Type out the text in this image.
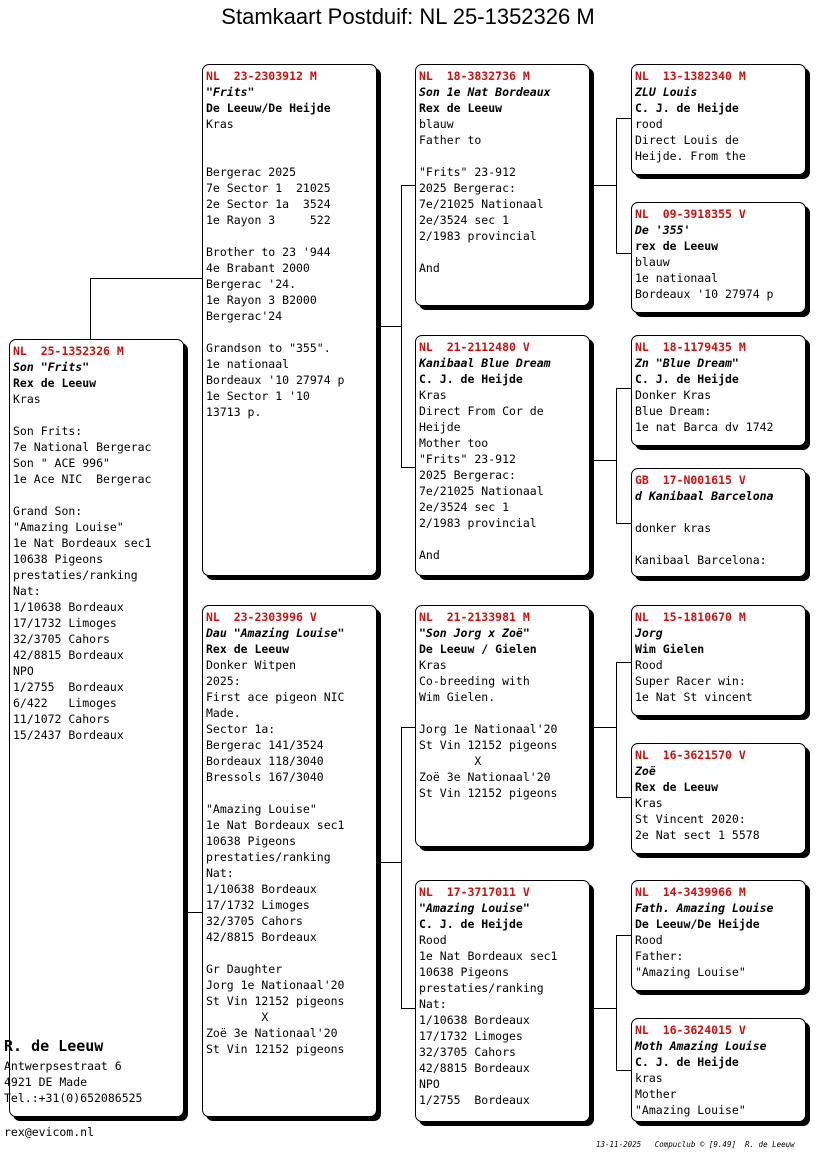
Stamkaart Postduif: NL 25-1352326 M
NL  25-1352326 M
Son "Frits"
Rex de Leeuw
Kras
Son Frits:
7e National Bergerac
Son " ACE 996"
1e Ace NIC  Bergerac
Grand Son:
"Amazing Louise"
1e Nat Bordeaux sec1
10638 Pigeons
prestaties/ranking
Nat:
1/10638 Bordeaux
17/1732 Limoges
32/3705 Cahors
42/8815 Bordeaux
NPO
1/2755  Bordeaux
6/422   Limoges
11/1072 Cahors
15/2437 Bordeaux
NL  23-2303912 M
"Frits"
De Leeuw/De Heijde
Kras
Bergerac 2025
7e Sector 1  21025
2e Sector 1a  3524
1e Rayon 3     522
Brother to 23 '944
4e Brabant 2000
Bergerac '24.
1e Rayon 3 B2000
Bergerac'24
Grandson to "355".
1e nationaal
Bordeaux '10 27974 p
1e Sector 1 '10
13713 p.
NL  23-2303996 V
Dau "Amazing Louise"
Rex de Leeuw
Donker Witpen
2025:
First ace pigeon NIC
Made.
Sector 1a:
Bergerac 141/3524
Bordeaux 118/3040
Bressols 167/3040
"Amazing Louise"
1e Nat Bordeaux sec1
10638 Pigeons
prestaties/ranking
Nat:
1/10638 Bordeaux
17/1732 Limoges
32/3705 Cahors
42/8815 Bordeaux
Gr Daughter
Jorg 1e Nationaal'20
St Vin 12152 pigeons
X
Zoë 3e Nationaal'20
St Vin 12152 pigeons
NL  18-3832736 M
Son 1e Nat Bordeaux
Rex de Leeuw
blauw
Father to
"Frits" 23-912
2025 Bergerac:
7e/21025 Nationaal
2e/3524 sec 1
2/1983 provincial
And
NL  21-2112480 V
Kanibaal Blue Dream
C. J. de Heijde
Kras
Direct From Cor de
Heijde
Mother too
"Frits" 23-912
2025 Bergerac:
7e/21025 Nationaal
2e/3524 sec 1
2/1983 provincial
And
NL  21-2133981 M
"Son Jorg x Zoë"
De Leeuw / Gielen
Kras
Co-breeding with
Wim Gielen.
Jorg 1e Nationaal'20
St Vin 12152 pigeons
X
Zoë 3e Nationaal'20
St Vin 12152 pigeons
NL  17-3717011 V
"Amazing Louise"
C. J. de Heijde
Rood
1e Nat Bordeaux sec1
10638 Pigeons
prestaties/ranking
Nat:
1/10638 Bordeaux
17/1732 Limoges
32/3705 Cahors
42/8815 Bordeaux
NPO
1/2755  Bordeaux
NL  13-1382340 M
ZLU Louis
C. J. de Heijde
rood
Direct Louis de
Heijde. From the
NL  09-3918355 V
De '355'
rex de Leeuw
blauw
1e nationaal
Bordeaux '10 27974 p
NL  18-1179435 M
Zn "Blue Dream"
C. J. de Heijde
Donker Kras
Blue Dream:
1e nat Barca dv 1742
GB  17-N001615 V
d Kanibaal Barcelona
donker kras
Kanibaal Barcelona:
NL  15-1810670 M
Jorg
Wim Gielen
Rood
Super Racer win:
1e Nat St vincent
NL  16-3621570 V
Zoë
Rex de Leeuw
Kras
St Vincent 2020:
2e Nat sect 1 5578
NL  14-3439966 M
Fath. Amazing Louise
De Leeuw/De Heijde
Rood
Father:
"Amazing Louise"
NL  16-3624015 V
Moth Amazing Louise
C. J. de Heijde
kras
Mother
"Amazing Louise"
R. de Leeuw
Antwerpsestraat 6
4921 DE Made
Tel.:+31(0)652086525
rex@evicom.nl
13-11-2025   Compuclub © [9.49]  R. de Leeuw
